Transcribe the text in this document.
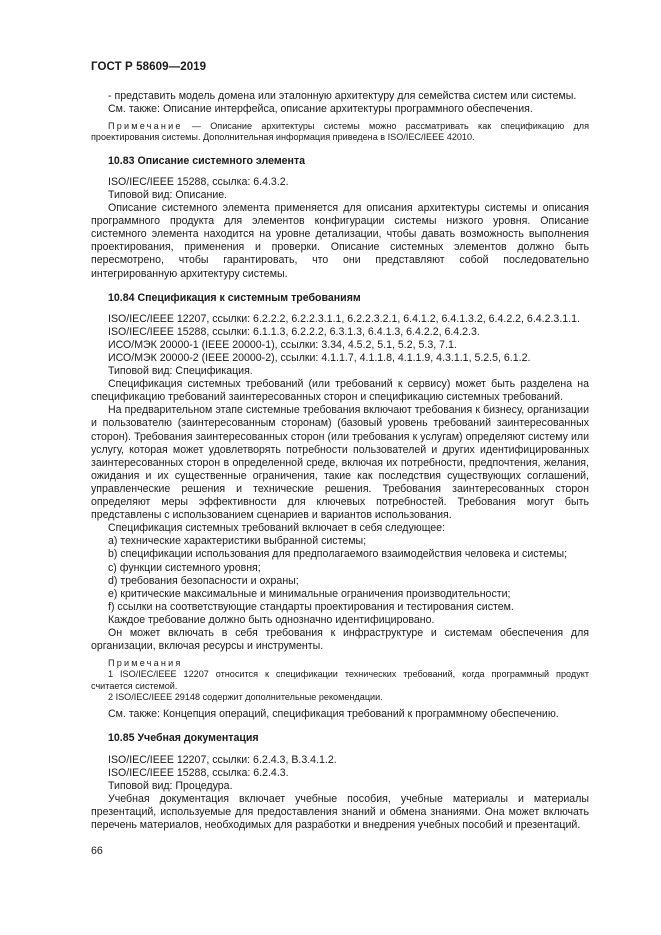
ГОСТ Р 58609—2019

- представить модель домена или эталонную архитектуру для семейства систем или системы.

См. также: Описание интерфейса, описание архитектуры программного обеспечения.

Примечание — Описание архитектуры системы можно рассматривать как спецификацию для проектирования системы. Дополнительная информация приведена в ISO/IEC/IEEE 42010.

10.83 Описание системного элемента

ISO/IEC/IEEE 15288, ссылка: 6.4.3.2.

Типовой вид: Описание.

Описание системного элемента применяется для описания архитектуры системы и описания программного продукта для элементов конфигурации системы низкого уровня. Описание системного элемента находится на уровне детализации, чтобы давать возможность выполнения проектирования, применения и проверки. Описание системных элементов должно быть пересмотрено, чтобы гарантировать, что они представляют собой последовательно интегрированную архитектуру системы.

10.84 Спецификация к системным требованиям

ISO/IEC/IEEE 12207, ссылки: 6.2.2.2, 6.2.2.3.1.1, 6.2.2.3.2.1, 6.4.1.2, 6.4.1.3.2, 6.4.2.2, 6.4.2.3.1.1.

ISO/IEC/IEEE 15288, ссылки: 6.1.1.3, 6.2.2.2, 6.3.1.3, 6.4.1.3, 6.4.2.2, 6.4.2.3.

ИСО/МЭК 20000-1 (IEEE 20000-1), ссылки: 3.34, 4.5.2, 5.1, 5.2, 5.3, 7.1.

ИСО/МЭК 20000-2 (IEEE 20000-2), ссылки: 4.1.1.7, 4.1.1.8, 4.1.1.9, 4.3.1.1, 5.2.5, 6.1.2.

Типовой вид: Спецификация.

Спецификация системных требований (или требований к сервису) может быть разделена на спецификацию требований заинтересованных сторон и спецификацию системных требований.

На предварительном этапе системные требования включают требования к бизнесу, организации и пользователю (заинтересованным сторонам) (базовый уровень требований заинтересованных сторон). Требования заинтересованных сторон (или требования к услугам) определяют систему или услугу, которая может удовлетворять потребности пользователей и других идентифицированных заинтересованных сторон в определенной среде, включая их потребности, предпочтения, желания, ожидания и их существенные ограничения, такие как последствия существующих соглашений, управленческие решения и технические решения. Требования заинтересованных сторон определяют меры эффективности для ключевых потребностей. Требования могут быть представлены с использованием сценариев и вариантов использования.

Спецификация системных требований включает в себя следующее:

a) технические характеристики выбранной системы;

b) спецификации использования для предполагаемого взаимодействия человека и системы;

c) функции системного уровня;

d) требования безопасности и охраны;

e) критические максимальные и минимальные ограничения производительности;

f) ссылки на соответствующие стандарты проектирования и тестирования систем.

Каждое требование должно быть однозначно идентифицировано.

Он может включать в себя требования к инфраструктуре и системам обеспечения для организации, включая ресурсы и инструменты.

Примечания

1 ISO/IEC/IEEE 12207 относится к спецификации технических требований, когда программный продукт считается системой.

2 ISO/IEC/IEEE 29148 содержит дополнительные рекомендации.

См. также: Концепция операций, спецификация требований к программному обеспечению.

10.85 Учебная документация

ISO/IEC/IEEE 12207, ссылки: 6.2.4.3, B.3.4.1.2.

ISO/IEC/IEEE 15288, ссылка: 6.2.4.3.

Типовой вид: Процедура.

Учебная документация включает учебные пособия, учебные материалы и материалы презентаций, используемые для предоставления знаний и обмена знаниями. Она может включать перечень материалов, необходимых для разработки и внедрения учебных пособий и презентаций.

66
